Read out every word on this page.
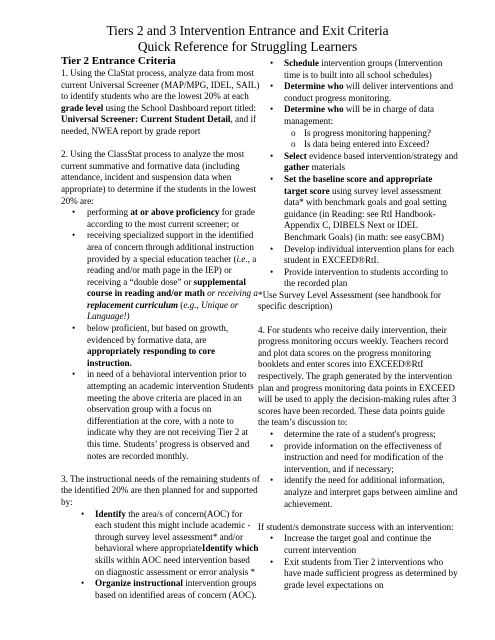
Tiers 2 and 3 Intervention Entrance and Exit Criteria
Quick Reference for Struggling Learners

Tier 2 Entrance Criteria

1. Using the ClaStat process, analyze data from most current Universal Screener (MAP/MPG, IDEL, SAIL) to identify students who are the lowest 20% at each grade level using the School Dashboard report titled: Universal Screener: Current Student Detail, and if needed, NWEA report by grade report

2. Using the ClassStat process to analyze the most current summative and formative data (including attendance, incident and suspension data when appropriate) to determine if the students in the lowest 20% are:

• performing at or above proficiency for grade according to the most current screener; or
• receiving specialized support in the identified area of concern through additional instruction provided by a special education teacher (i.e., a reading and/or math page in the IEP) or receiving a “double dose” or supplemental course in reading and/or math or receiving a replacement curriculum (e.g., Unique or Language!)
• below proficient, but based on growth, evidenced by formative data, are appropriately responding to core instruction.
• in need of a behavioral intervention prior to attempting an academic intervention Students meeting the above criteria are placed in an observation group with a focus on differentiation at the core, with a note to indicate why they are not receiving Tier 2 at this time. Students’ progress is observed and notes are recorded monthly.

3. The instructional needs of the remaining students of the identified 20% are then planned for and supported by:

• Identify the area/s of concern(AOC) for each student this might include academic -through survey level assessment* and/or behavioral where appropriateIdentify which skills within AOC need intervention based on diagnostic assessment or error analysis *
• Organize instructional intervention groups based on identified areas of concern (AOC).
• Schedule intervention groups (Intervention time is to built into all school schedules)
• Determine who will deliver interventions and conduct progress monitoring.
• Determine who will be in charge of data management:
o Is progress monitoring happening?
o Is data being entered into Exceed?
• Select evidence based intervention/strategy and gather materials
• Set the baseline score and appropriate target score using survey level assessment data* with benchmark goals and goal setting guidance (in Reading: see RtI Handbook-Appendix C, DIBELS Next or IDEL Benchmark Goals) (in math: see easyCBM)
• Develop individual intervention plans for each student in EXCEED®RtI.
• Provide intervention to students according to the recorded plan

*Use Survey Level Assessment (see handbook for specific description)

4. For students who receive daily intervention, their progress monitoring occurs weekly. Teachers record and plot data scores on the progress monitoring booklets and enter scores into EXCEED®RtI respectively. The graph generated by the intervention plan and progress monitoring data points in EXCEED will be used to apply the decision-making rules after 3 scores have been recorded. These data points guide
the team’s discussion to:

• determine the rate of a student's progress;
• provide information on the effectiveness of instruction and need for modification of the intervention, and if necessary;
• identify the need for additional information, analyze and interpret gaps between aimline and achievement.

If student/s demonstrate success with an intervention:

• Increase the target goal and continue the current intervention
• Exit students from Tier 2 interventions who have made sufficient progress as determined by grade level expectations on
